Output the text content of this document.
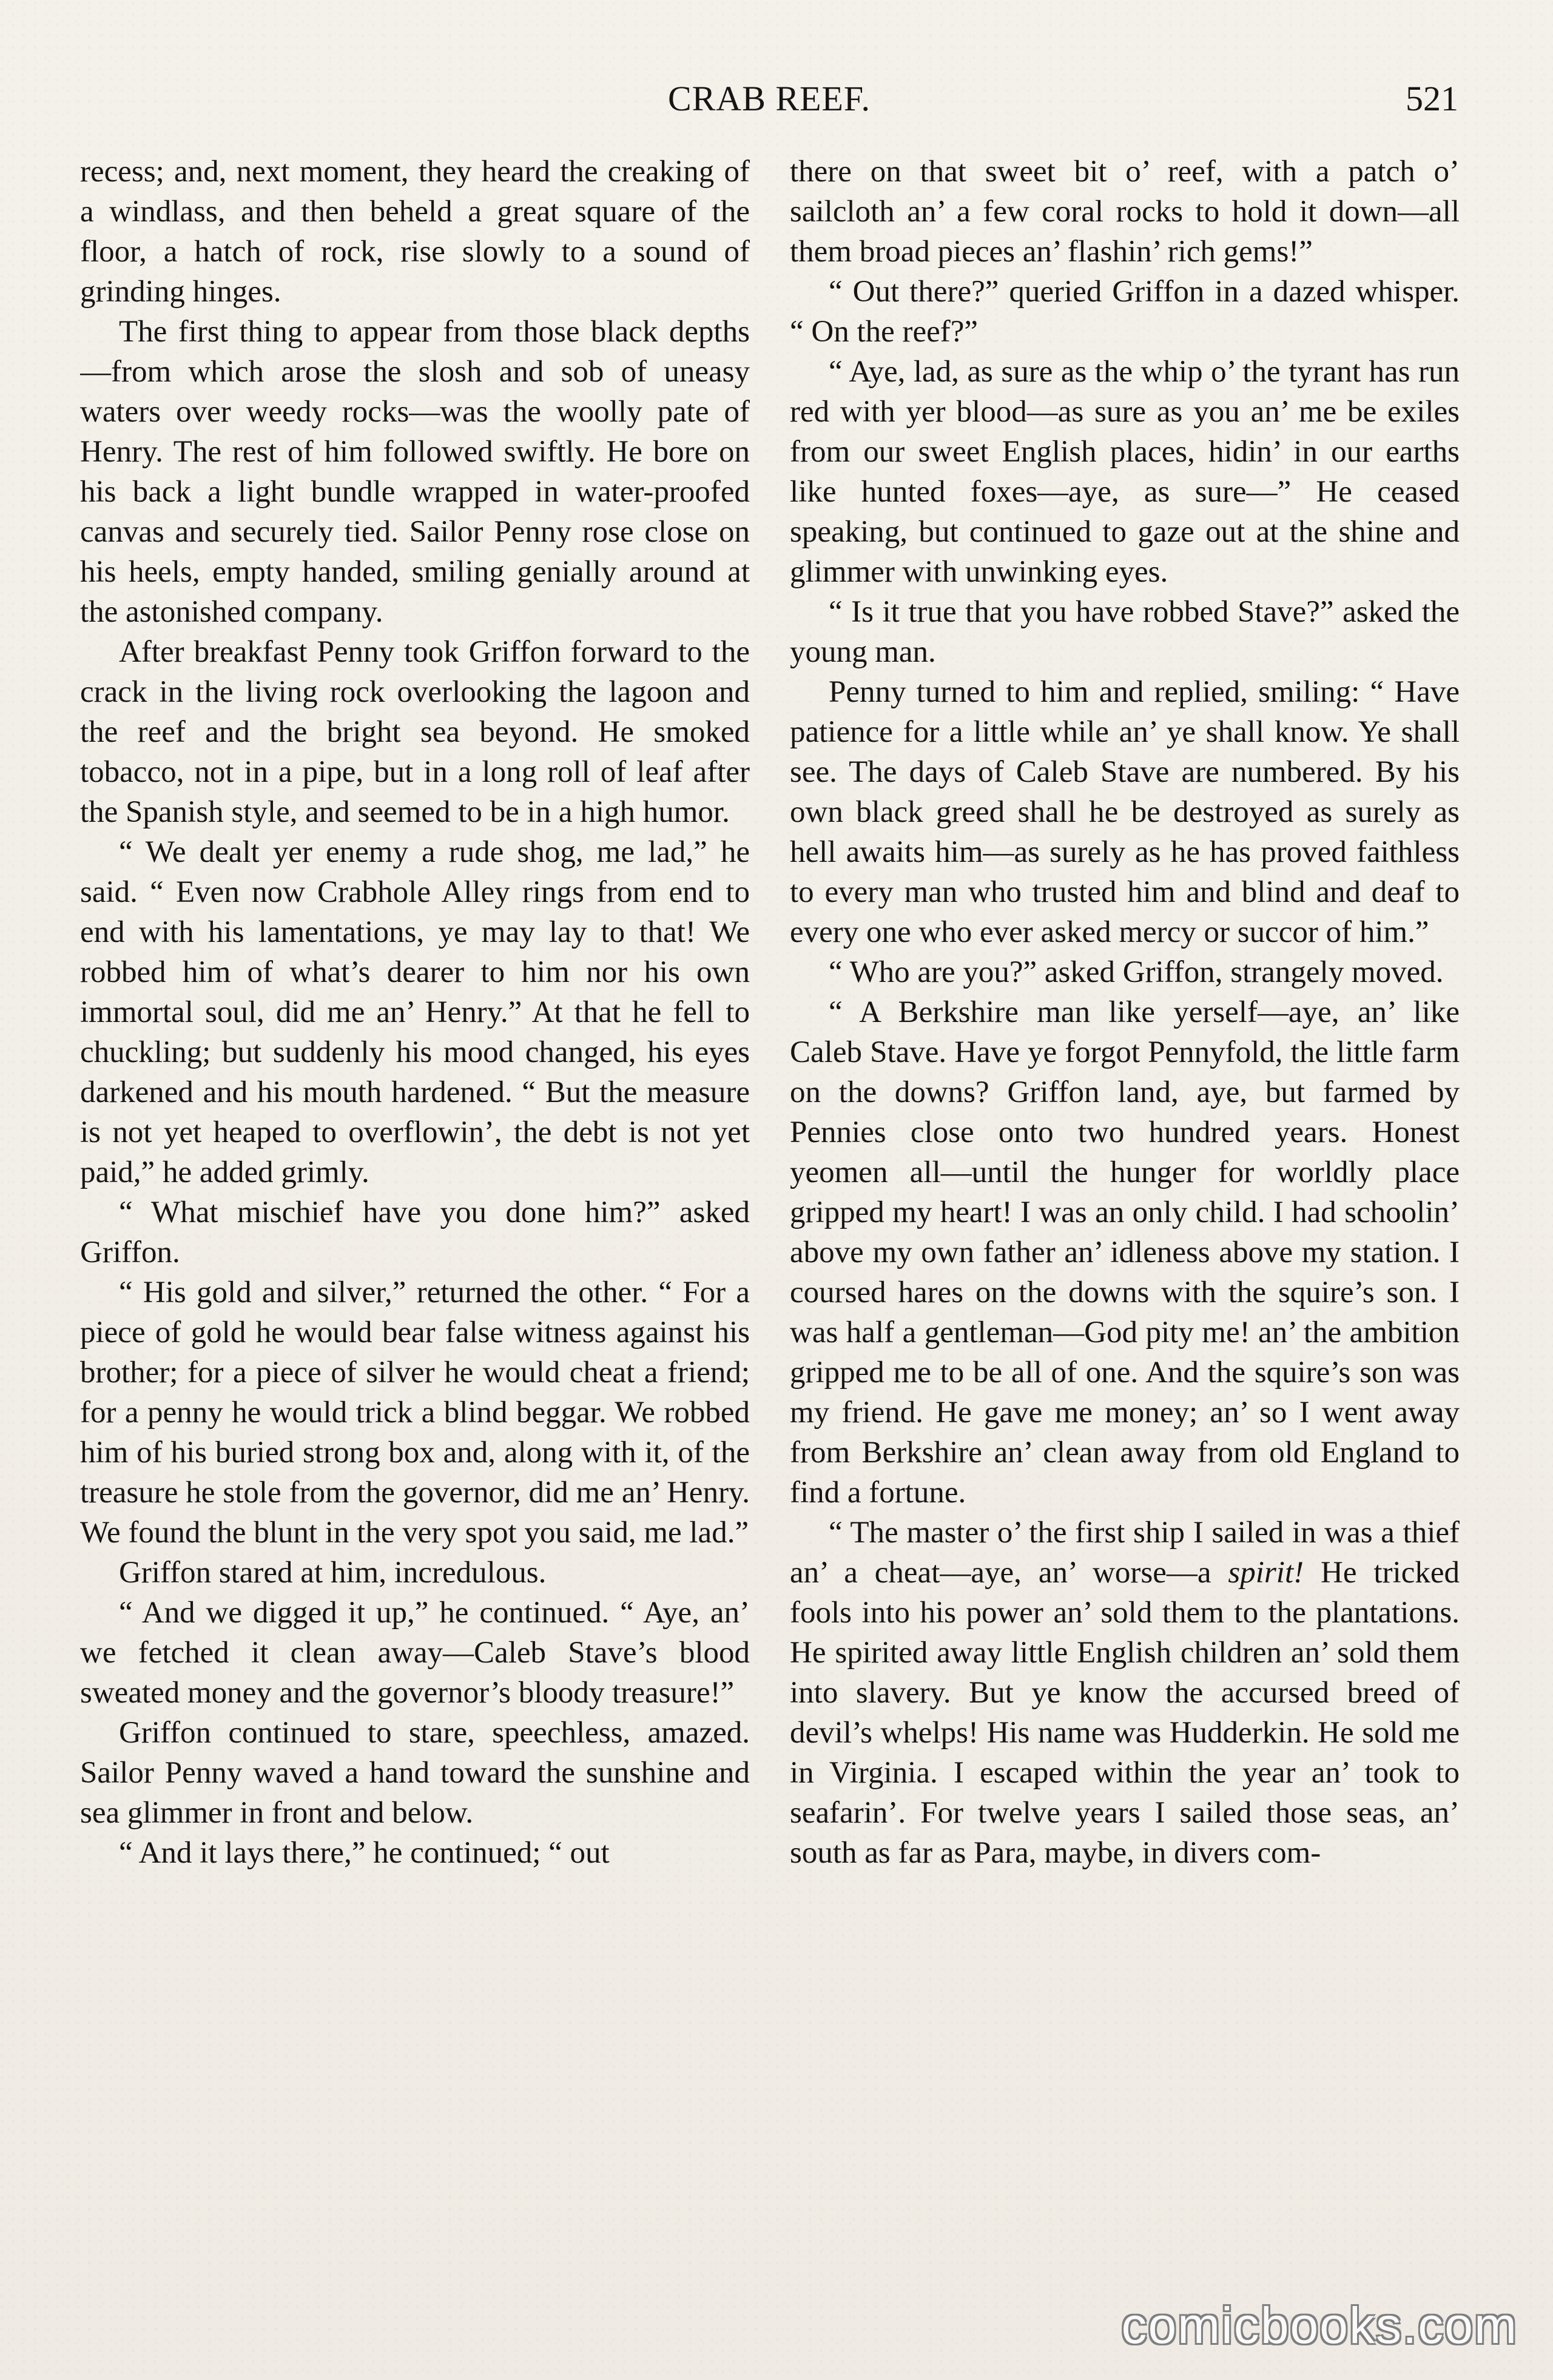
CRAB REEF.	521

recess; and, next moment, they heard the creaking of a windlass, and then beheld a great square of the floor, a hatch of rock, rise slowly to a sound of grinding hinges.

The first thing to appear from those black depths—from which arose the slosh and sob of uneasy waters over weedy rocks—was the woolly pate of Henry. The rest of him followed swiftly. He bore on his back a light bundle wrapped in water-proofed canvas and securely tied. Sailor Penny rose close on his heels, empty handed, smiling genially around at the astonished company.

After breakfast Penny took Griffon forward to the crack in the living rock overlooking the lagoon and the reef and the bright sea beyond. He smoked tobacco, not in a pipe, but in a long roll of leaf after the Spanish style, and seemed to be in a high humor.

“ We dealt yer enemy a rude shog, me lad,” he said. “ Even now Crabhole Alley rings from end to end with his lamentations, ye may lay to that! We robbed him of what’s dearer to him nor his own immortal soul, did me an’ Henry.” At that he fell to chuckling; but suddenly his mood changed, his eyes darkened and his mouth hardened. “ But the measure is not yet heaped to overflowin’, the debt is not yet paid,” he added grimly.

“ What mischief have you done him?” asked Griffon.

“ His gold and silver,” returned the other. “ For a piece of gold he would bear false witness against his brother; for a piece of silver he would cheat a friend; for a penny he would trick a blind beggar. We robbed him of his buried strong box and, along with it, of the treasure he stole from the governor, did me an’ Henry. We found the blunt in the very spot you said, me lad.”

Griffon stared at him, incredulous.

“ And we digged it up,” he continued. “ Aye, an’ we fetched it clean away—Caleb Stave’s blood sweated money and the governor’s bloody treasure!”

Griffon continued to stare, speechless, amazed. Sailor Penny waved a hand toward the sunshine and sea glimmer in front and below.

“ And it lays there,” he continued; “ out

there on that sweet bit o’ reef, with a patch o’ sailcloth an’ a few coral rocks to hold it down—all them broad pieces an’ flashin’ rich gems!”

“ Out there?” queried Griffon in a dazed whisper. “ On the reef?”

“ Aye, lad, as sure as the whip o’ the tyrant has run red with yer blood—as sure as you an’ me be exiles from our sweet English places, hidin’ in our earths like hunted foxes—aye, as sure—” He ceased speaking, but continued to gaze out at the shine and glimmer with unwinking eyes.

“ Is it true that you have robbed Stave?” asked the young man.

Penny turned to him and replied, smiling: “ Have patience for a little while an’ ye shall know. Ye shall see. The days of Caleb Stave are numbered. By his own black greed shall he be destroyed as surely as hell awaits him—as surely as he has proved faithless to every man who trusted him and blind and deaf to every one who ever asked mercy or succor of him.”

“ Who are you?” asked Griffon, strangely moved.

“ A Berkshire man like yerself—aye, an’ like Caleb Stave. Have ye forgot Pennyfold, the little farm on the downs? Griffon land, aye, but farmed by Pennies close onto two hundred years. Honest yeomen all—until the hunger for worldly place gripped my heart! I was an only child. I had schoolin’ above my own father an’ idleness above my station. I coursed hares on the downs with the squire’s son. I was half a gentleman—God pity me! an’ the ambition gripped me to be all of one. And the squire’s son was my friend. He gave me money; an’ so I went away from Berkshire an’ clean away from old England to find a fortune.

“ The master o’ the first ship I sailed in was a thief an’ a cheat—aye, an’ worse—a spirit! He tricked fools into his power an’ sold them to the plantations. He spirited away little English children an’ sold them into slavery. But ye know the accursed breed of devil’s whelps! His name was Hudderkin. He sold me in Virginia. I escaped within the year an’ took to seafarin’. For twelve years I sailed those seas, an’ south as far as Para, maybe, in divers com-

comicbooks.com
